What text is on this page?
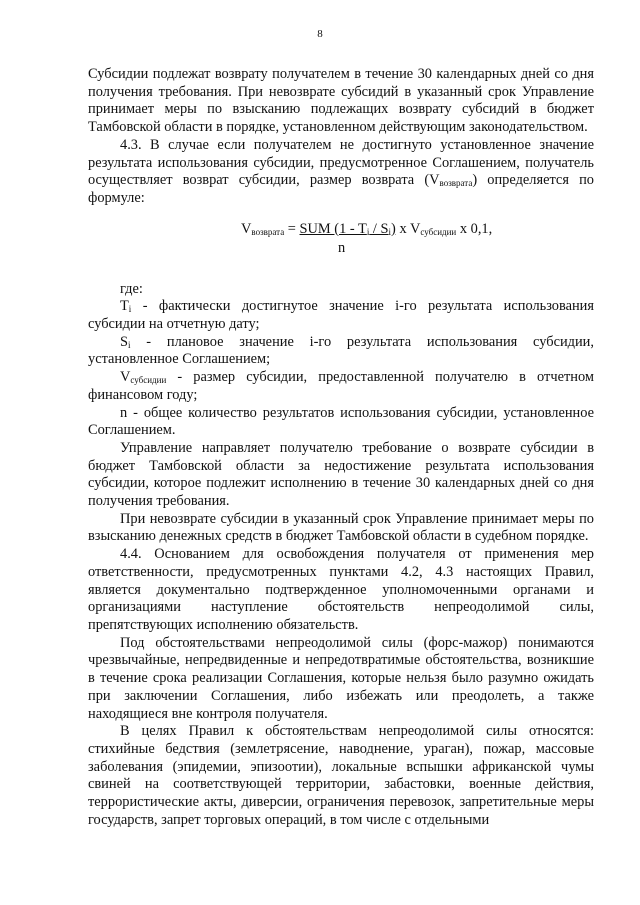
8

Субсидии подлежат возврату получателем в течение 30 календарных дней со дня получения требования. При невозврате субсидий в указанный срок Управление принимает меры по взысканию подлежащих возврату субсидий в бюджет Тамбовской области в порядке, установленном действующим законодательством.

4.3. В случае если получателем не достигнуто установленное значение результата использования субсидии, предусмотренное Соглашением, получатель осуществляет возврат субсидии, размер возврата $(V_{возврата})$ определяется по формуле:

$V_{возврата}$ = SUM $(1 - T_i / S_i)$ x $V_{субсидии}$ x 0,1,
n

где:

$T_i$ - фактически достигнутое значение i-го результата использования субсидии на отчетную дату;

$S_i$ - плановое значение i-го результата использования субсидии, установленное Соглашением;

$V_{субсидии}$ - размер субсидии, предоставленной получателю в отчетном финансовом году;

n - общее количество результатов использования субсидии, установленное Соглашением.

Управление направляет получателю требование о возврате субсидии в бюджет Тамбовской области за недостижение результата использования субсидии, которое подлежит исполнению в течение 30 календарных дней со дня получения требования.

При невозврате субсидии в указанный срок Управление принимает меры по взысканию денежных средств в бюджет Тамбовской области в судебном порядке.

4.4. Основанием для освобождения получателя от применения мер ответственности, предусмотренных пунктами 4.2, 4.3 настоящих Правил, является документально подтвержденное уполномоченными органами и организациями наступление обстоятельств непреодолимой силы, препятствующих исполнению обязательств.

Под обстоятельствами непреодолимой силы (форс-мажор) понимаются чрезвычайные, непредвиденные и непредотвратимые обстоятельства, возникшие в течение срока реализации Соглашения, которые нельзя было разумно ожидать при заключении Соглашения, либо избежать или преодолеть, а также находящиеся вне контроля получателя.

В целях Правил к обстоятельствам непреодолимой силы относятся: стихийные бедствия (землетрясение, наводнение, ураган), пожар, массовые заболевания (эпидемии, эпизоотии), локальные вспышки африканской чумы свиней на соответствующей территории, забастовки, военные действия, террористические акты, диверсии, ограничения перевозок, запретительные меры государств, запрет торговых операций, в том числе с отдельными
